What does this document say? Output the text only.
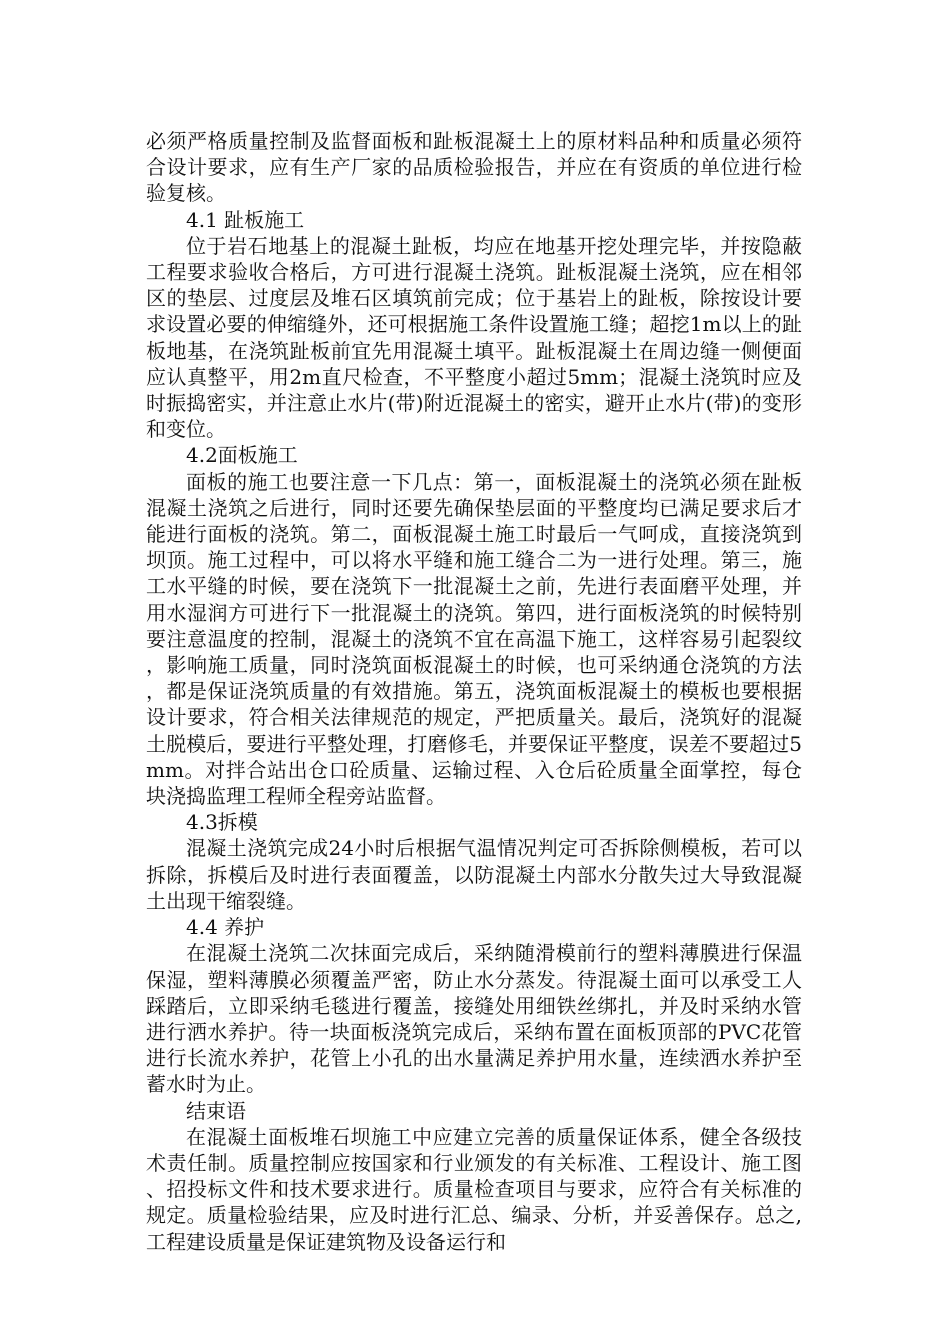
必须严格质量控制及监督面板和趾板混凝土上的原材料品种和质量必须符合设计要求，应有生产厂家的品质检验报告，并应在有资质的单位进行检验复核。

4.1 趾板施工

位于岩石地基上的混凝土趾板，均应在地基开挖处理完毕，并按隐蔽工程要求验收合格后，方可进行混凝土浇筑。趾板混凝土浇筑，应在相邻区的垫层、过度层及堆石区填筑前完成；位于基岩上的趾板，除按设计要求设置必要的伸缩缝外，还可根据施工条件设置施工缝；超挖1m以上的趾板地基，在浇筑趾板前宜先用混凝土填平。趾板混凝土在周边缝一侧便面应认真整平，用2m直尺检查，不平整度小超过5mm；混凝土浇筑时应及时振捣密实，并注意止水片(带)附近混凝土的密实，避开止水片(带)的变形和变位。

4.2面板施工

面板的施工也要注意一下几点：第一，面板混凝土的浇筑必须在趾板混凝土浇筑之后进行，同时还要先确保垫层面的平整度均已满足要求后才能进行面板的浇筑。第二，面板混凝土施工时最后一气呵成，直接浇筑到坝顶。施工过程中，可以将水平缝和施工缝合二为一进行处理。第三，施工水平缝的时候，要在浇筑下一批混凝土之前，先进行表面磨平处理，并用水湿润方可进行下一批混凝土的浇筑。第四，进行面板浇筑的时候特别要注意温度的控制，混凝土的浇筑不宜在高温下施工，这样容易引起裂纹，影响施工质量，同时浇筑面板混凝土的时候，也可采纳通仓浇筑的方法，都是保证浇筑质量的有效措施。第五，浇筑面板混凝土的模板也要根据设计要求，符合相关法律规范的规定，严把质量关。最后，浇筑好的混凝土脱模后，要进行平整处理，打磨修毛，并要保证平整度，误差不要超过5mm。对拌合站出仓口砼质量、运输过程、入仓后砼质量全面掌控，每仓块浇捣监理工程师全程旁站监督。

4.3拆模

混凝土浇筑完成24小时后根据气温情况判定可否拆除侧模板，若可以拆除，拆模后及时进行表面覆盖，以防混凝土内部水分散失过大导致混凝土出现干缩裂缝。

4.4 养护

在混凝土浇筑二次抹面完成后，采纳随滑模前行的塑料薄膜进行保温保湿，塑料薄膜必须覆盖严密，防止水分蒸发。待混凝土面可以承受工人踩踏后，立即采纳毛毯进行覆盖，接缝处用细铁丝绑扎，并及时采纳水管进行洒水养护。待一块面板浇筑完成后，采纳布置在面板顶部的PVC花管进行长流水养护，花管上小孔的出水量满足养护用水量，连续洒水养护至蓄水时为止。

结束语

在混凝土面板堆石坝施工中应建立完善的质量保证体系，健全各级技术责任制。质量控制应按国家和行业颁发的有关标准、工程设计、施工图、招投标文件和技术要求进行。质量检查项目与要求，应符合有关标准的规定。质量检验结果，应及时进行汇总、编录、分析，并妥善保存。总之,工程建设质量是保证建筑物及设备运行和
